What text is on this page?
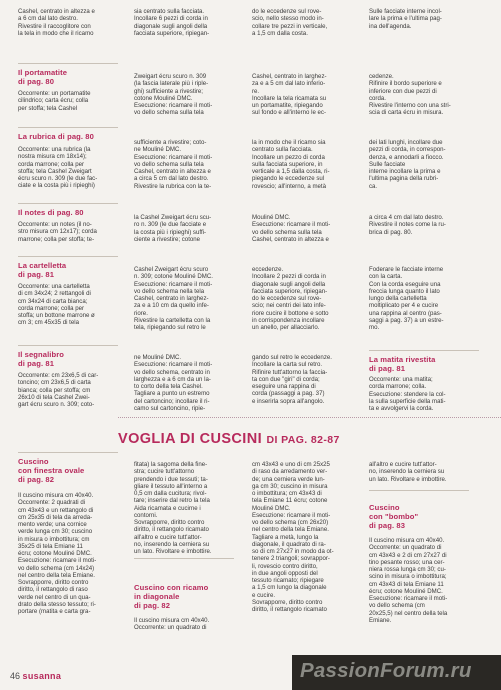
Cashel, centrato in altezza e
a 6 cm dal lato destro.
Rivestire il raccoglitore con
la tela in modo che il ricamo
sia centrato sulla facciata.
Incollare 6 pezzi di corda in
diagonale sugli angoli della
facciata superiore, ripiegan-
do le eccedenze sul rove-
scio, nello stesso modo in-
collare tre pezzi in verticale,
a 1,5 cm dalla costa.
Sulle facciate interne incol-
lare la prima e l'ultima pag-
ina dell'agenda.
Il portamatite
di pag. 80
Occorrente: un portamatite
cilindrico; carta écru; colla
per stoffa; tela Cashel
Zweigart écru scuro n. 309
(la fascia laterale più i riple-
ghi) sufficiente a rivestire;
cotone Mouliné DMC.
Esecuzione: ricamare il moti-
vo dello schema sulla tela
Cashel, centrato in larghez-
za e a 5 cm dal lato inferio-
re.
Incollare la tela ricamata su
un portamatite, ripiegando
sul fondo e all'interno le ec-
cedenze.
Rifinire il bordo superiore e
inferiore con due pezzi di
corda.
Rivestire l'interno con una stri-
scia di carta écru in misura.
La rubrica di pag. 80
Occorrente: una rubrica (la
nostra misura cm 18x14);
corda marrone; colla per
stoffa; tela Cashel Zweigart
écru scuro n. 309 (le due fac-
ciate e la costa più i ripieghi)
sufficiente a rivestire; coto-
ne Mouliné DMC.
Esecuzione: ricamare il moti-
vo dello schema sulla tela
Cashel, centrato in altezza e
a circa 5 cm dal lato destro.
Rivestire la rubrica con la te-
la in modo che il ricamo sia
centrato sulla facciata.
Incollare un pezzo di corda
sulla facciata superiore, in
verticale a 1,5 dalla costa, ri-
piegando le eccedenze sul
rovescio; all'interno, a metà
dei lati lunghi, incollare due
pezzi di corda, in correspon-
denza, e annodarli a fiocco.
Sulle facciate
interne incollare la prima e
l'ultima pagina della rubri-
ca.
Il notes di pag. 80
Occorrente: un notes (il no-
stro misura cm 12x17); corda
marrone; colla per stoffa; te-
la Cashel Zweigart écru scu-
ro n. 309 (le due facciate e
la costa più i ripieghi) suffi-
ciente a rivestire; cotone
Mouliné DMC.
Esecuzione: ricamare il moti-
vo dello schema sulla tela
Cashel, centrato in altezza e
a circa 4 cm dal lato destro.
Rivestire il notes come la ru-
brica di pag. 80.
La cartelletta
di pag. 81
Occorrente: una cartelletta
di cm 34x24; 2 rettangoli di
cm 34x24 di carta bianca;
corda marrone; colla per
stoffa; un bottone marrone ø
cm 3; cm 45x35 di tela
Cashel Zweigart écru scuro
n. 309; cotone Mouliné DMC.
Esecuzione: ricamare il moti-
vo dello schema nella tela
Cashel, centrato in larghez-
za e a 10 cm da quello infe-
riore.
Rivestire la cartelletta con la
tela, ripiegando sul retro le
eccedenze.
Incollare 2 pezzi di corda in
diagonale sugli angoli della
facciata superiore, ripiegan-
do le eccedenze sul rove-
scio; nei centri dei lato infe-
riore cucire il bottone e sotto
in corrispondenza incollare
un anello, per allacciarlo.
Foderare le facciate interne
con la carta.
Con la corda eseguire una
freccia lunga quanto il lato
lungo della cartelletta
moltiplicato per 4 e cucire
una rappina al centro (pas-
saggi a pag. 37) a un estre-
mo.
Il segnalibro
di pag. 81
Occorrente: cm 23x6,5 di car-
toncino; cm 23x6,5 di carta
bianca; colla per stoffa; cm
26x10 di tela Cashel Zwei-
gart écru scuro n. 309; coto-
ne Mouliné DMC.
Esecuzione: ricamare il moti-
vo dello schema, centrato in
larghezza e a 6 cm da un la-
to corto della tela Cashel.
Tagliare a punto un estremo
del cartoncino; incollare il ri-
camo sul cartoncino, ripie-
gando sul retro le eccedenze.
Incollare la carta sul retro.
Rifinire tutt'attorno la faccia-
ta con due "giri" di corda;
eseguire una rappina di
corda (passaggi a pag. 37)
e inserirla sopra all'angolo.
La matita rivestita
di pag. 81
Occorrente: una matita;
corda marrone; colla.
Esecuzione: stendere la col-
la sulla superficie della mati-
ta e avvolgervi la corda.
VOGLIA DI CUSCINI DI PAG. 82-87
Cuscino
con finestra ovale
di pag. 82
Il cuscino misura cm 40x40.
Occorrente: 2 quadrati di
cm 43x43 e un rettangolo di
cm 25x35 di tela da arreda-
mento verde; una cornice
verde lunga cm 30; cuscino
in misura o imbottitura; cm
35x25 di tela Emiane 11
écru; cotone Mouliné DMC.
Esecuzione: ricamare il moti-
vo dello schema (cm 14x24)
nel centro della tela Emiane.
Sovrapporre, diritto contro
diritto, il rettangolo di raso
verde nel centro di un qua-
drato della stesso tessuto; ri-
portare (matita e carta gra-
fitata) la sagoma della fine-
stra; cucire tutt'attorno
prendendo i due tessuti; ta-
gliare il tessuto all'interno a
0,5 cm dalla cucitura; rivol-
tare; inserire dal retro la tela
Aida ricamata e cucirne i
contorni.
Sovrapporre, diritto contro
diritto, il rettangolo ricamato
all'altro e cucire tutt'attor-
no, inserendo la cerniera su
un lato. Rivoltare e imbottire.
Cuscino con ricamo
in diagonale
di pag. 82
Il cuscino misura cm 40x40.
Occorrente: un quadrato di
cm 43x43 e uno di cm 25x25
di raso da arredamento ver-
de; una cerniera verde lun-
ga cm 30; cuscino in misura
o imbottitura; cm 43x43 di
tela Emiane 11 écru; cotone
Mouliné DMC.
Esecuzione: ricamare il moti-
vo dello schema (cm 26x20)
nel centro della tela Emiane.
Tagliare a metà, lungo la
diagonale, il quadrato di ra-
so di cm 27x27 in modo da ot-
tenere 2 triangoli; sovrappor-
li, rovescio contro diritto,
in due angoli opposti del
tessuto ricamato; ripiegare
a 1,5 cm lungo la diagonale
e cucire.
Sovrapporre, diritto contro
diritto, il rettangolo ricamato
all'altro e cucire tutt'attor-
no, inserendo la cerniera su
un lato. Rivoltare e imbottire.
Cuscino
con "bombo"
di pag. 83
Il cuscino misura cm 40x40.
Occorrente: un quadrato di
cm 43x43 e 2 di cm 27x27 di
tino pesante rosso; una cer-
niera rossa lunga cm 30; cu-
scino in misura o imbottitura;
cm 43x43 di tela Emiane 11
écru; cotone Mouliné DMC.
Esecuzione: ricamare il moti-
vo dello schema (cm
20x25,5) nel centro della tela
Emiane.
46 susanna	PassionForum.ru
